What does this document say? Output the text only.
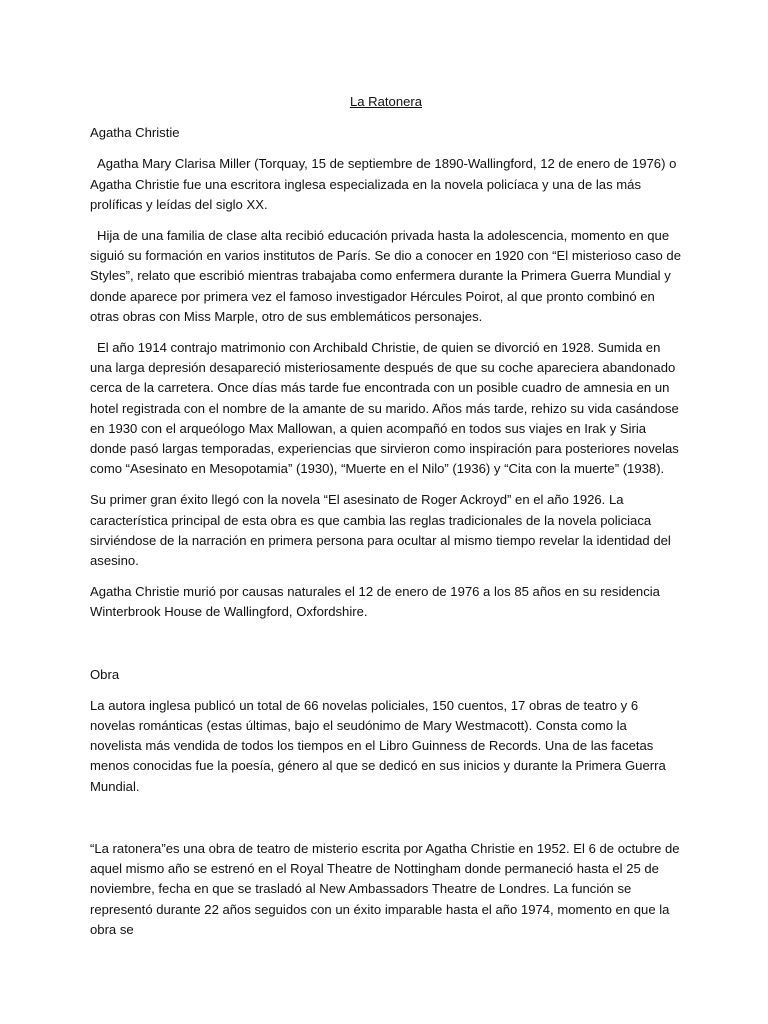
La Ratonera

Agatha Christie

Agatha Mary Clarisa Miller (Torquay, 15 de septiembre de 1890-Wallingford, 12 de enero de 1976) o Agatha Christie fue una escritora inglesa especializada en la novela policíaca y una de las más prolíficas y leídas del siglo XX.

Hija de una familia de clase alta recibió educación privada hasta la adolescencia, momento en que siguió su formación en varios institutos de París. Se dio a conocer en 1920 con “El misterioso caso de Styles”, relato que escribió mientras trabajaba como enfermera durante la Primera Guerra Mundial y donde aparece por primera vez el famoso investigador Hércules Poirot, al que pronto combinó en otras obras con Miss Marple, otro de sus emblemáticos personajes.

El año 1914 contrajo matrimonio con Archibald Christie, de quien se divorció en 1928. Sumida en una larga depresión desapareció misteriosamente después de que su coche apareciera abandonado cerca de la carretera. Once días más tarde fue encontrada con un posible cuadro de amnesia en un hotel registrada con el nombre de la amante de su marido. Años más tarde, rehizo su vida casándose en 1930 con el arqueólogo Max Mallowan, a quien acompañó en todos sus viajes en Irak y Siria donde pasó largas temporadas, experiencias que sirvieron como inspiración para posteriores novelas como “Asesinato en Mesopotamia” (1930), “Muerte en el Nilo” (1936) y “Cita con la muerte” (1938).

Su primer gran éxito llegó con la novela “El asesinato de Roger Ackroyd” en el año 1926. La característica principal de esta obra es que cambia las reglas tradicionales de la novela policiaca sirviéndose de la narración en primera persona para ocultar al mismo tiempo revelar la identidad del asesino.

Agatha Christie murió por causas naturales el 12 de enero de 1976 a los 85 años en su residencia Winterbrook House de Wallingford, Oxfordshire.

Obra

La autora inglesa publicó un total de 66 novelas policiales, 150 cuentos, 17 obras de teatro y 6 novelas románticas (estas últimas, bajo el seudónimo de Mary Westmacott). Consta como la novelista más vendida de todos los tiempos en el Libro Guinness de Records. Una de las facetas menos conocidas fue la poesía, género al que se dedicó en sus inicios y durante la Primera Guerra Mundial.

“La ratonera”es una obra de teatro de misterio escrita por Agatha Christie en 1952. El 6 de octubre de aquel mismo año se estrenó en el Royal Theatre de Nottingham donde permaneció hasta el 25 de noviembre, fecha en que se trasladó al New Ambassadors Theatre de Londres. La función se representó durante 22 años seguidos con un éxito imparable hasta el año 1974, momento en que la obra se
